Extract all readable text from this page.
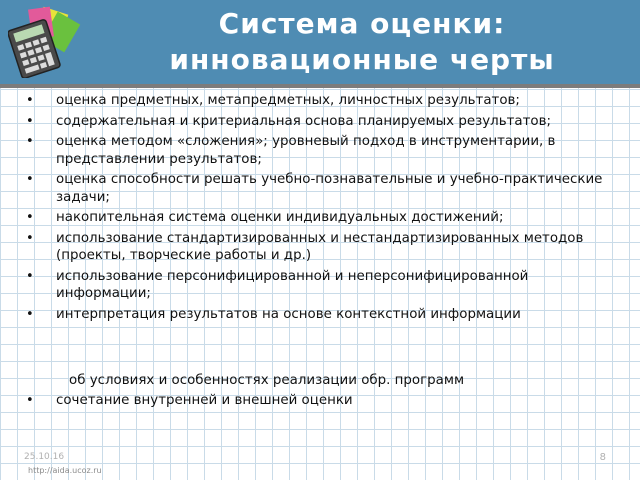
Система оценки:
инновационные черты
• оценка предметных, метапредметных, личностных результатов;
• содержательная и критериальная основа планируемых результатов;
• оценка методом «сложения»; уровневый подход в инструментарии, в представлении результатов;
• оценка способности решать учебно-познавательные и учебно-практические задачи;
• накопительная система оценки индивидуальных достижений;
• использование стандартизированных и нестандартизированных методов (проекты, творческие работы и др.)
• использование персонифицированной и неперсонифицированной информации;
• интерпретация результатов на основе контекстной информации
об условиях и особенностях реализации обр. программ
• сочетание внутренней и внешней оценки
25.10.16	8
http://aida.ucoz.ru
